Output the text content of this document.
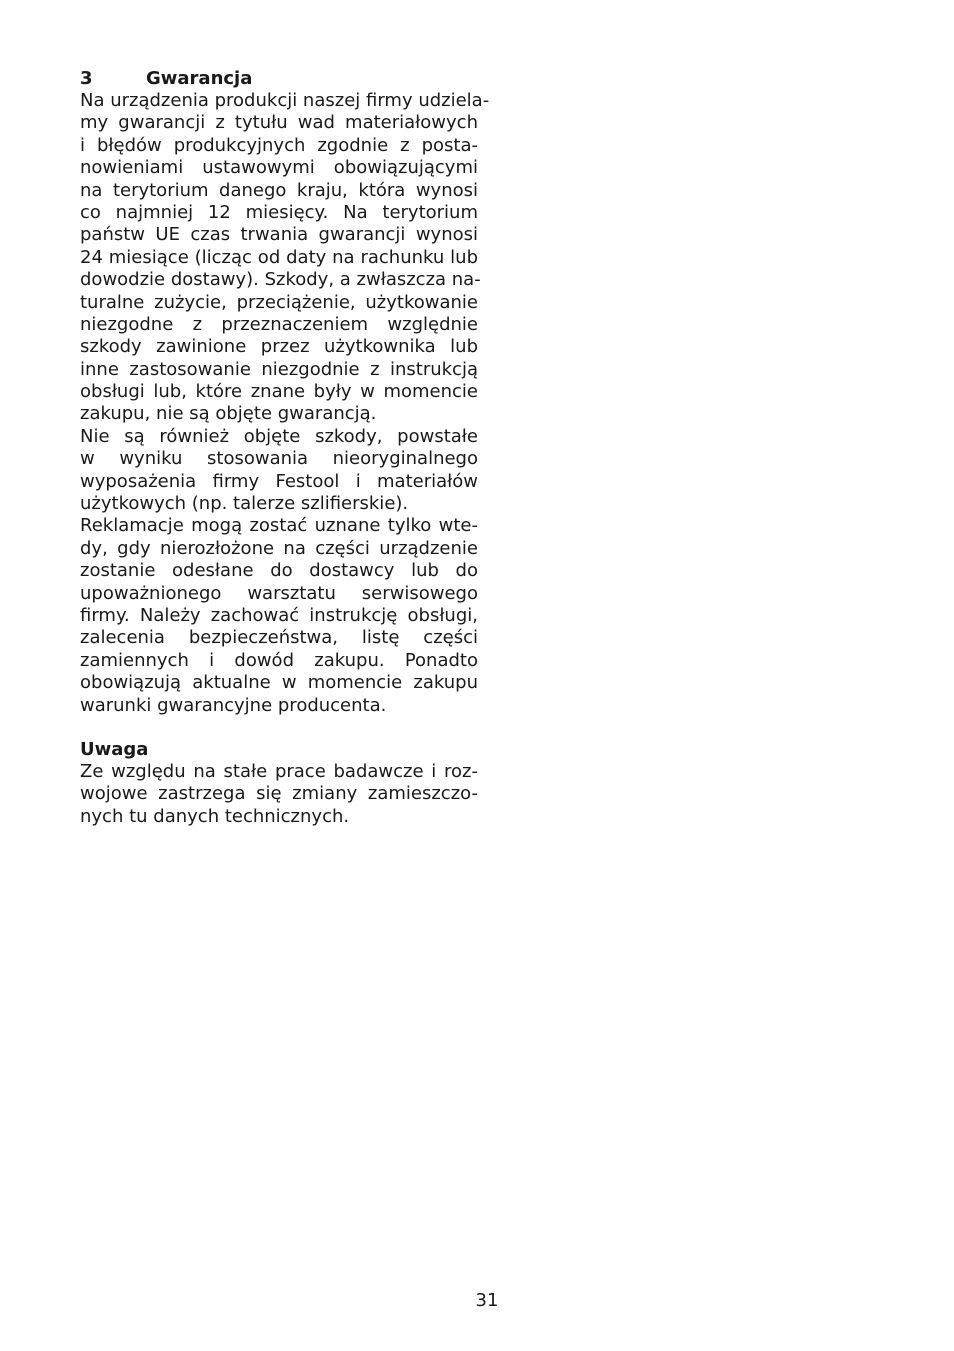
3	Gwarancja
Na urządzenia produkcji naszej firmy udziela-
my gwarancji z tytułu wad materiałowych
i błędów produkcyjnych zgodnie z posta-
nowieniami ustawowymi obowiązującymi
na terytorium danego kraju, która wynosi
co najmniej 12 miesięcy. Na terytorium
państw UE czas trwania gwarancji wynosi
24 miesiące (licząc od daty na rachunku lub
dowodzie dostawy). Szkody, a zwłaszcza na-
turalne zużycie, przeciążenie, użytkowanie
niezgodne z przeznaczeniem względnie
szkody zawinione przez użytkownika lub
inne zastosowanie niezgodnie z instrukcją
obsługi lub, które znane były w momencie
zakupu, nie są objęte gwarancją.
Nie są również objęte szkody, powstałe
w wyniku stosowania nieoryginalnego
wyposażenia firmy Festool i materiałów
użytkowych (np. talerze szlifierskie).
Reklamacje mogą zostać uznane tylko wte-
dy, gdy nierozłożone na części urządzenie
zostanie odesłane do dostawcy lub do
upoważnionego warsztatu serwisowego
firmy. Należy zachować instrukcję obsługi,
zalecenia bezpieczeństwa, listę części
zamiennych i dowód zakupu. Ponadto
obowiązują aktualne w momencie zakupu
warunki gwarancyjne producenta.
Uwaga
Ze względu na stałe prace badawcze i roz-
wojowe zastrzega się zmiany zamieszczo-
nych tu danych technicznych.
31
